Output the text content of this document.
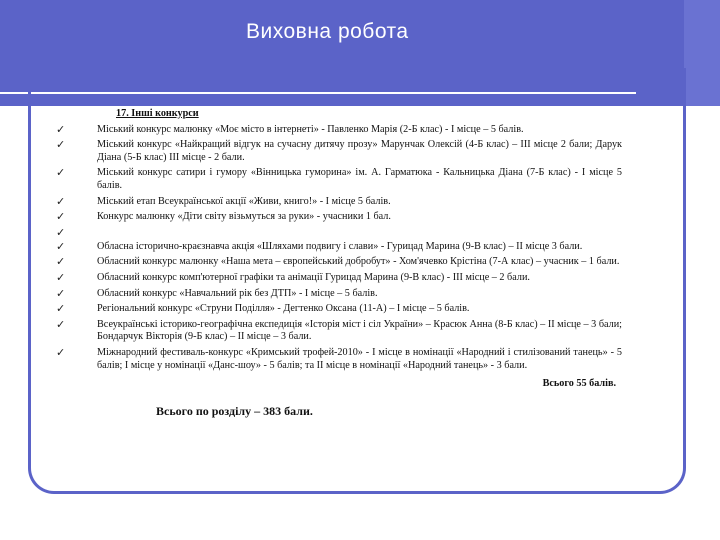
Виховна робота
17. Інші конкурси
✓	Міський конкурс малюнку «Моє місто в інтернеті» - Павленко Марія (2-Б клас) - І місце – 5 балів.
✓	Міський конкурс «Найкращий відгук на сучасну дитячу прозу» Марунчак Олексій (4-Б клас) – ІІІ місце 2 бали; Дарук Діана (5-Б клас) ІІІ місце - 2 бали.
✓	Міський конкурс сатири і гумору «Вінницька гуморина» ім. А. Гарматюка - Кальницька Діана (7-Б клас) - І місце 5 балів.
✓	Міський етап Всеукраїнської акції «Живи, книго!» - І місце 5 балів.
✓	Конкурс малюнку «Діти світу візьмуться за руки» - учасники 1 бал.
✓
✓	Обласна історично-краєзнавча акція «Шляхами подвигу і слави» - Гурицад Марина (9-В клас) – ІІ місце 3 бали.
✓	Обласний конкурс малюнку «Наша мета – європейський добробут» - Хом'ячевко Крістіна (7-А клас) – учасник – 1 бали.
✓	Обласний конкурс комп'ютерної графіки та анімації Гурицад Марина (9-В клас) - ІІІ місце – 2 бали.
✓	Обласний конкурс «Навчальний рік без ДТП» - І місце – 5 балів.
✓	Регіональний конкурс «Струни Поділля» - Дегтенко Оксана (11-А) – І місце – 5 балів.
✓	Всеукраїнські історико-географічна експедиція «Історія міст і сіл України» – Красюк Анна (8-Б клас) – ІІ місце – 3 бали; Бондарчук Вікторія (9-Б клас) – ІІ місце – 3 бали.
✓	Міжнародний фестиваль-конкурс «Кримський трофей-2010» - І місце в номінації «Народний і стилізований танець» - 5 балів; І місце у номінації «Данс-шоу» - 5 балів; та ІІ місце в номінації «Народний танець» - 3 бали.
Всього 55 балів.
Всього по розділу – 383 бали.
